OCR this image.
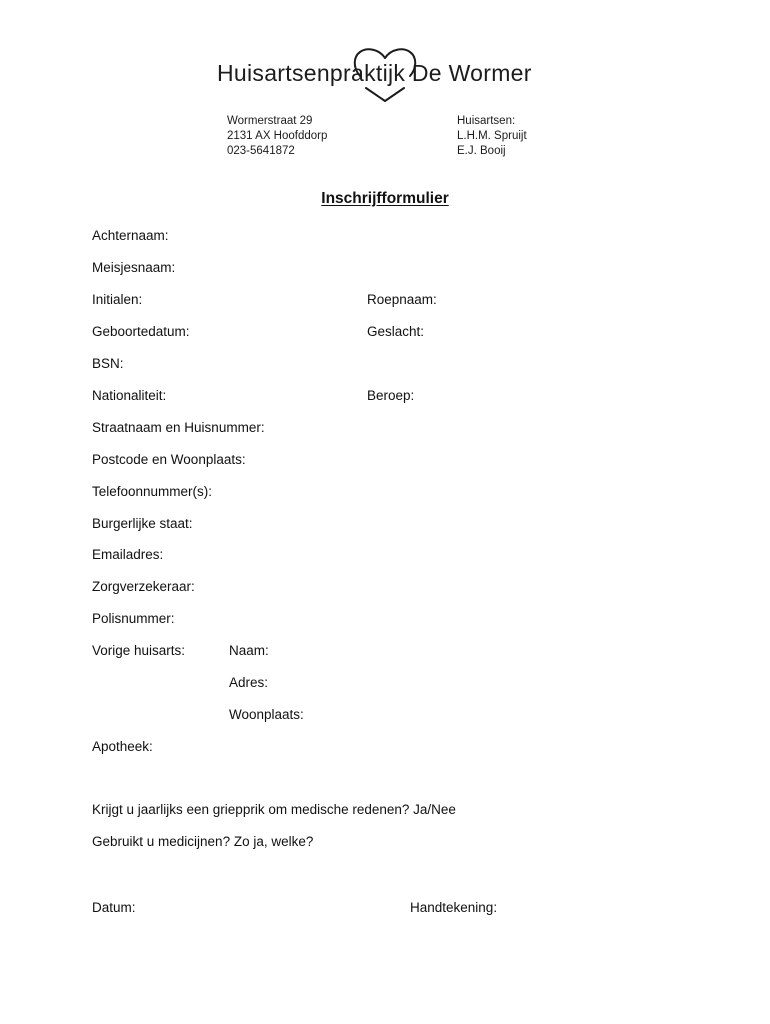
Huisartsenpraktijk De Wormer
Wormerstraat 29
2131 AX Hoofddorp
023-5641872
Huisartsen:
L.H.M. Spruijt
E.J. Booij
Inschrijfformulier
Achternaam:
Meisjesnaam:
Initialen:	Roepnaam:
Geboortedatum:	Geslacht:
BSN:
Nationaliteit:	Beroep:
Straatnaam en Huisnummer:
Postcode en Woonplaats:
Telefoonnummer(s):
Burgerlijke staat:
Emailadres:
Zorgverzekeraar:
Polisnummer:
Vorige huisarts:	Naam:
Adres:
Woonplaats:
Apotheek:
Krijgt u jaarlijks een griepprik om medische redenen? Ja/Nee
Gebruikt u medicijnen? Zo ja, welke?
Datum:	Handtekening:
